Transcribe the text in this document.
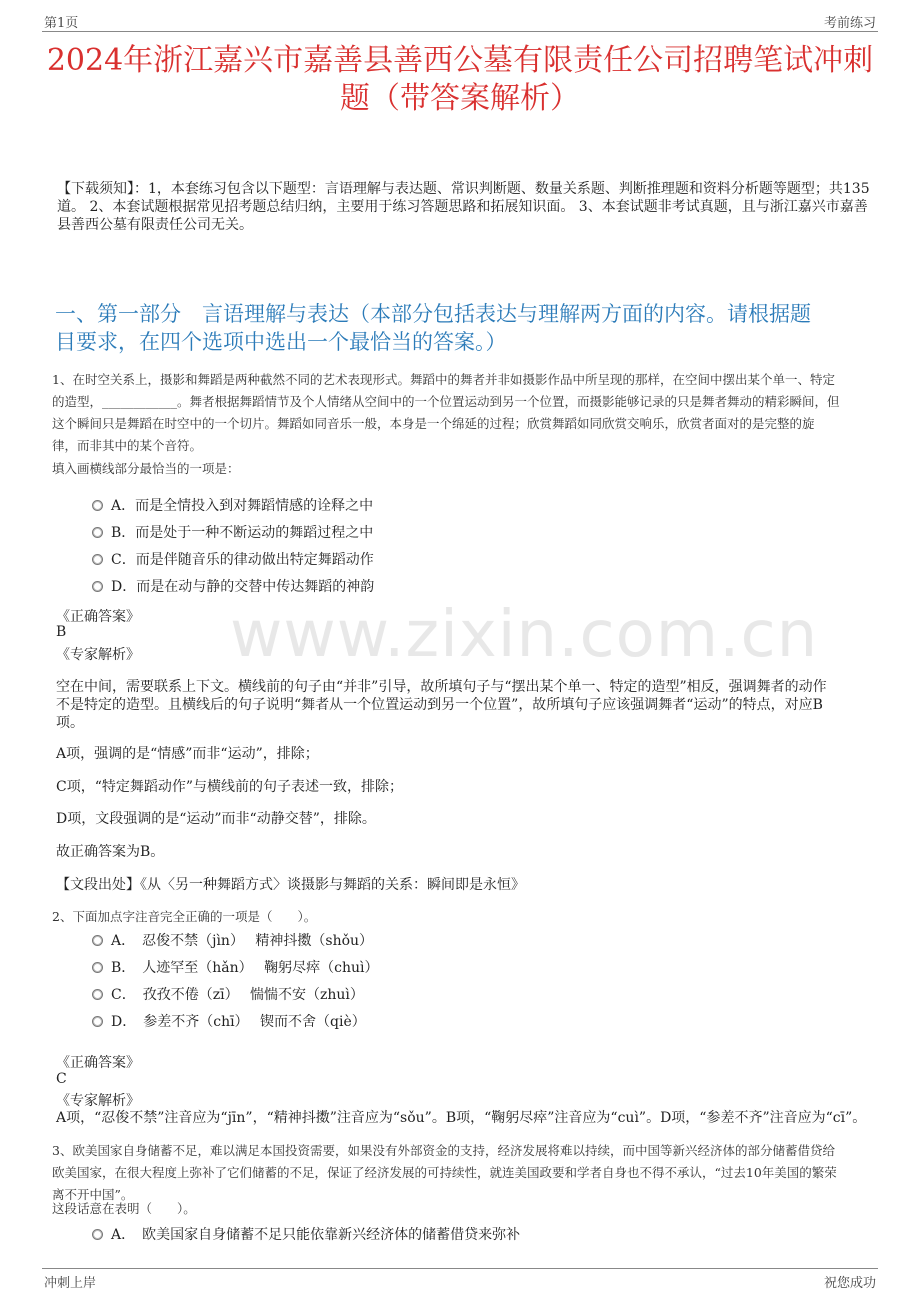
第1页	考前练习
2024年浙江嘉兴市嘉善县善西公墓有限责任公司招聘笔试冲刺
题（带答案解析）
【下载须知】：1，本套练习包含以下题型：言语理解与表达题、常识判断题、数量关系题、判断推理题和资料分析题等题型；共135道。 2、本套试题根据常见招考题总结归纳，主要用于练习答题思路和拓展知识面。 3、本套试题非考试真题，且与浙江嘉兴市嘉善县善西公墓有限责任公司无关。
一、第一部分　言语理解与表达（本部分包括表达与理解两方面的内容。请根据题
目要求，在四个选项中选出一个最恰当的答案。）
www.zixin.com.cn
1、在时空关系上，摄影和舞蹈是两种截然不同的艺术表现形式。舞蹈中的舞者并非如摄影作品中所呈现的那样，在空间中摆出某个单一、特定
的造型，____________。舞者根据舞蹈情节及个人情绪从空间中的一个位置运动到另一个位置，而摄影能够记录的只是舞者舞动的精彩瞬间，但
这个瞬间只是舞蹈在时空中的一个切片。舞蹈如同音乐一般，本身是一个绵延的过程；欣赏舞蹈如同欣赏交响乐，欣赏者面对的是完整的旋
律，而非其中的某个音符。
填入画横线部分最恰当的一项是：
A．而是全情投入到对舞蹈情感的诠释之中
B．而是处于一种不断运动的舞蹈过程之中
C．而是伴随音乐的律动做出特定舞蹈动作
D．而是在动与静的交替中传达舞蹈的神韵
《正确答案》
B
《专家解析》
空在中间，需要联系上下文。横线前的句子由“并非”引导，故所填句子与“摆出某个单一、特定的造型”相反，强调舞者的动作
不是特定的造型。且横线后的句子说明“舞者从一个位置运动到另一个位置”，故所填句子应该强调舞者“运动”的特点，对应B
项。
A项，强调的是“情感”而非“运动”，排除；
C项，“特定舞蹈动作”与横线前的句子表述一致，排除；
D项，文段强调的是“运动”而非“动静交替”，排除。
故正确答案为B。
【文段出处】《从〈另一种舞蹈方式〉谈摄影与舞蹈的关系：瞬间即是永恒》
2、下面加点字注音完全正确的一项是（　　）。
A．　忍俊不禁（jìn）　 精神抖擞（shǒu）
B．　人迹罕至（hǎn）　 鞠躬尽瘁（chuì）
C．　孜孜不倦（zī）　 惴惴不安（zhuì）
D．　参差不齐（chī）　 锲而不舍（qiè）
《正确答案》
C
《专家解析》
A项，“忍俊不禁”注音应为“jīn”，“精神抖擞”注音应为“sǒu”。B项，“鞠躬尽瘁”注音应为“cuì”。D项，“参差不齐”注音应为“cī”。
3、欧美国家自身储蓄不足，难以满足本国投资需要，如果没有外部资金的支持，经济发展将难以持续，而中国等新兴经济体的部分储蓄借贷给
欧美国家，在很大程度上弥补了它们储蓄的不足，保证了经济发展的可持续性，就连美国政要和学者自身也不得不承认，“过去10年美国的繁荣
离不开中国”。
这段话意在表明（　　）。
A．　欧美国家自身储蓄不足只能依靠新兴经济体的储蓄借贷来弥补
冲刺上岸	祝您成功
